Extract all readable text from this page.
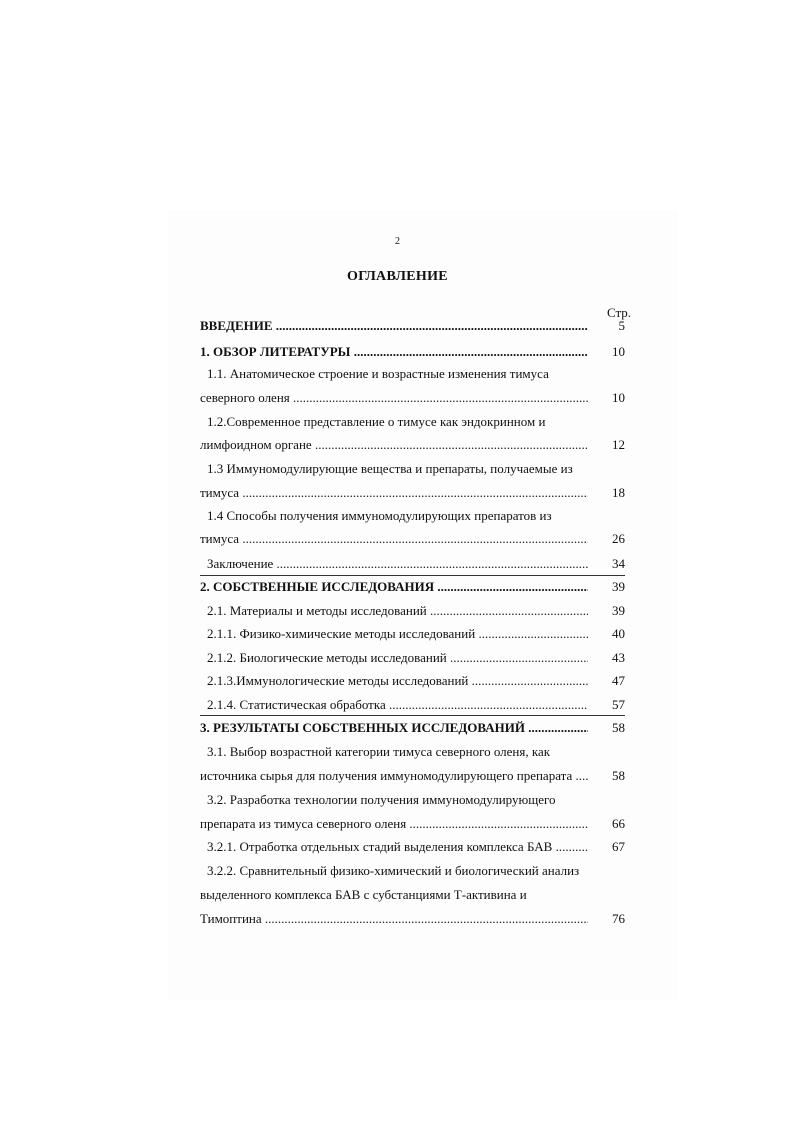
2
ОГЛАВЛЕНИЕ
Стр.
ВВЕДЕНИЕ .....	5
1. ОБЗОР ЛИТЕРАТУРЫ .....	10
1.1. Анатомическое строение и возрастные изменения тимуса
северного оленя .....	10
1.2.Современное представление о тимусе как эндокринном и
лимфоидном органе .....	12
1.3 Иммуномодулирующие вещества и препараты, получаемые из
тимуса .....	18
1.4 Способы получения иммуномодулирующих препаратов из
тимуса .....	26
Заключение .....	34
2. СОБСТВЕННЫЕ ИССЛЕДОВАНИЯ .....	39
2.1. Материалы и методы исследований .....	39
2.1.1. Физико-химические методы исследований .....	40
2.1.2. Биологические методы исследований .....	43
2.1.3.Иммунологические методы исследований .....	47
2.1.4. Статистическая обработка .....	57
3. РЕЗУЛЬТАТЫ СОБСТВЕННЫХ ИССЛЕДОВАНИЙ .....	58
3.1. Выбор возрастной категории тимуса северного оленя, как
источника сырья для получения иммуномодулирующего препарата .....	58
3.2. Разработка технологии получения иммуномодулирующего
препарата из тимуса северного оленя .....	66
3.2.1. Отработка отдельных стадий выделения комплекса БАВ .....	67
3.2.2. Сравнительный физико-химический и биологический анализ
выделенного комплекса БАВ с субстанциями Т-активина и
Тимоптина .....	76
